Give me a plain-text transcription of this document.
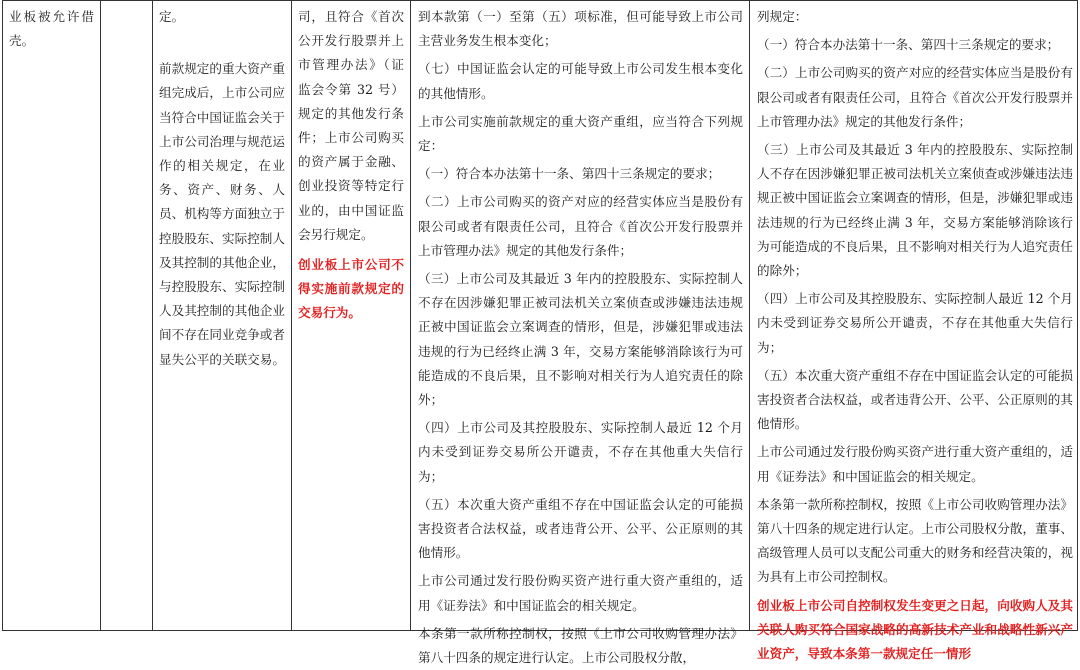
业板被允许借壳。

定。

前款规定的重大资产重组完成后，上市公司应当符合中国证监会关于上市公司治理与规范运作的相关规定，在业务、资产、财务、人员、机构等方面独立于控股股东、实际控制人及其控制的其他企业，与控股股东、实际控制人及其控制的其他企业间不存在同业竞争或者显失公平的关联交易。

司，且符合《首次公开发行股票并上市管理办法》（证监会令第 32 号）规定的其他发行条件；上市公司购买的资产属于金融、创业投资等特定行业的，由中国证监会另行规定。

创业板上市公司不得实施前款规定的交易行为。

到本款第（一）至第（五）项标准，但可能导致上市公司主营业务发生根本变化；

（七）中国证监会认定的可能导致上市公司发生根本变化的其他情形。

上市公司实施前款规定的重大资产重组，应当符合下列规定：

（一）符合本办法第十一条、第四十三条规定的要求；

（二）上市公司购买的资产对应的经营实体应当是股份有限公司或者有限责任公司，且符合《首次公开发行股票并上市管理办法》规定的其他发行条件；

（三）上市公司及其最近 3 年内的控股股东、实际控制人不存在因涉嫌犯罪正被司法机关立案侦查或涉嫌违法违规正被中国证监会立案调查的情形，但是，涉嫌犯罪或违法违规的行为已经终止满 3 年，交易方案能够消除该行为可能造成的不良后果，且不影响对相关行为人追究责任的除外；

（四）上市公司及其控股股东、实际控制人最近 12 个月内未受到证券交易所公开谴责，不存在其他重大失信行为；

（五）本次重大资产重组不存在中国证监会认定的可能损害投资者合法权益，或者违背公开、公平、公正原则的其他情形。

上市公司通过发行股份购买资产进行重大资产重组的，适用《证券法》和中国证监会的相关规定。

本条第一款所称控制权，按照《上市公司收购管理办法》第八十四条的规定进行认定。上市公司股权分散，

列规定：

（一）符合本办法第十一条、第四十三条规定的要求；

（二）上市公司购买的资产对应的经营实体应当是股份有限公司或者有限责任公司，且符合《首次公开发行股票并上市管理办法》规定的其他发行条件；

（三）上市公司及其最近 3 年内的控股股东、实际控制人不存在因涉嫌犯罪正被司法机关立案侦查或涉嫌违法违规正被中国证监会立案调查的情形，但是，涉嫌犯罪或违法违规的行为已经终止满 3 年，交易方案能够消除该行为可能造成的不良后果，且不影响对相关行为人追究责任的除外；

（四）上市公司及其控股股东、实际控制人最近 12 个月内未受到证券交易所公开谴责，不存在其他重大失信行为；

（五）本次重大资产重组不存在中国证监会认定的可能损害投资者合法权益，或者违背公开、公平、公正原则的其他情形。

上市公司通过发行股份购买资产进行重大资产重组的，适用《证券法》和中国证监会的相关规定。

本条第一款所称控制权，按照《上市公司收购管理办法》第八十四条的规定进行认定。上市公司股权分散，董事、高级管理人员可以支配公司重大的财务和经营决策的，视为具有上市公司控制权。

创业板上市公司自控制权发生变更之日起，向收购人及其关联人购买符合国家战略的高新技术产业和战略性新兴产业资产，导致本条第一款规定任一情形
